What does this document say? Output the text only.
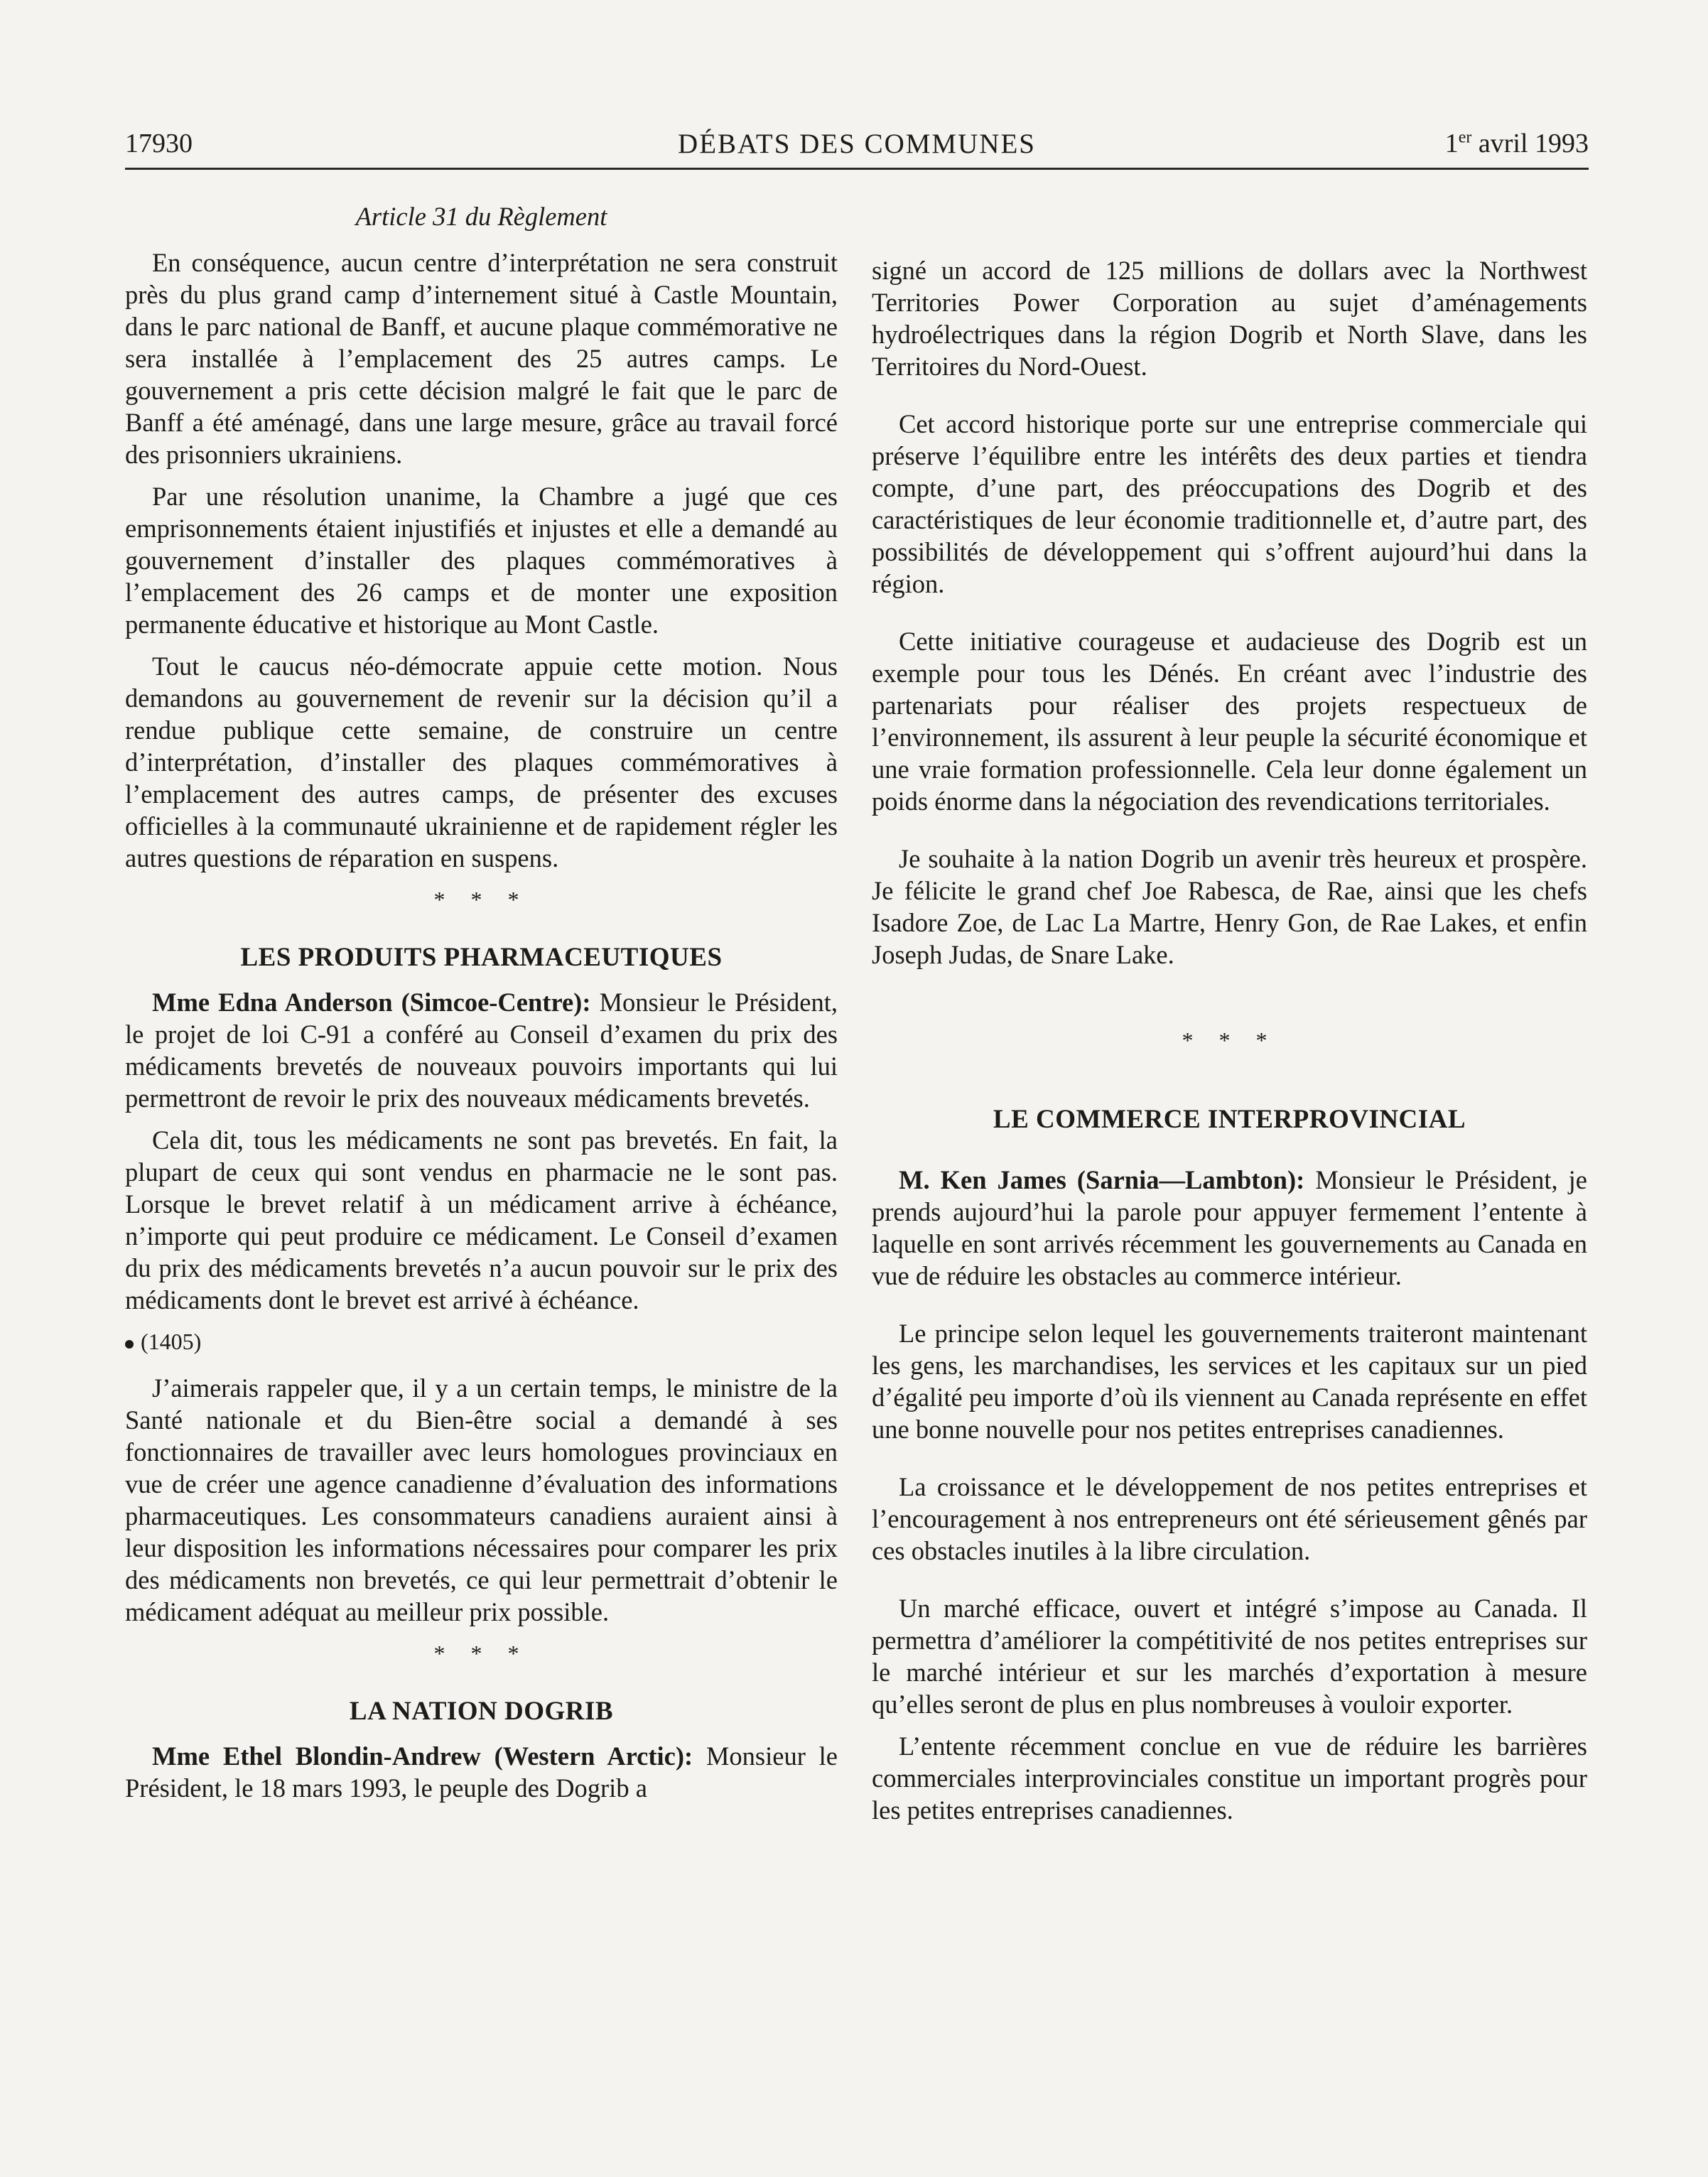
17930	DÉBATS DES COMMUNES	1er avril 1993

Article 31 du Règlement

En conséquence, aucun centre d’interprétation ne sera construit près du plus grand camp d’internement situé à Castle Mountain, dans le parc national de Banff, et aucune plaque commémorative ne sera installée à l’emplacement des 25 autres camps. Le gouvernement a pris cette décision malgré le fait que le parc de Banff a été aménagé, dans une large mesure, grâce au travail forcé des prisonniers ukrainiens.

Par une résolution unanime, la Chambre a jugé que ces emprisonnements étaient injustifiés et injustes et elle a demandé au gouvernement d’installer des plaques commémoratives à l’emplacement des 26 camps et de monter une exposition permanente éducative et historique au Mont Castle.

Tout le caucus néo-démocrate appuie cette motion. Nous demandons au gouvernement de revenir sur la décision qu’il a rendue publique cette semaine, de construire un centre d’interprétation, d’installer des plaques commémoratives à l’emplacement des autres camps, de présenter des excuses officielles à la communauté ukrainienne et de rapidement régler les autres questions de réparation en suspens.

* * *

LES PRODUITS PHARMACEUTIQUES

Mme Edna Anderson (Simcoe-Centre): Monsieur le Président, le projet de loi C-91 a conféré au Conseil d’examen du prix des médicaments brevetés de nouveaux pouvoirs importants qui lui permettront de revoir le prix des nouveaux médicaments brevetés.

Cela dit, tous les médicaments ne sont pas brevetés. En fait, la plupart de ceux qui sont vendus en pharmacie ne le sont pas. Lorsque le brevet relatif à un médicament arrive à échéance, n’importe qui peut produire ce médicament. Le Conseil d’examen du prix des médicaments brevetés n’a aucun pouvoir sur le prix des médicaments dont le brevet est arrivé à échéance.

(1405)

J’aimerais rappeler que, il y a un certain temps, le ministre de la Santé nationale et du Bien-être social a demandé à ses fonctionnaires de travailler avec leurs homologues provinciaux en vue de créer une agence canadienne d’évaluation des informations pharmaceutiques. Les consommateurs canadiens auraient ainsi à leur disposition les informations nécessaires pour comparer les prix des médicaments non brevetés, ce qui leur permettrait d’obtenir le médicament adéquat au meilleur prix possible.

* * *

LA NATION DOGRIB

Mme Ethel Blondin-Andrew (Western Arctic): Monsieur le Président, le 18 mars 1993, le peuple des Dogrib a

signé un accord de 125 millions de dollars avec la Northwest Territories Power Corporation au sujet d’aménagements hydroélectriques dans la région Dogrib et North Slave, dans les Territoires du Nord-Ouest.

Cet accord historique porte sur une entreprise commerciale qui préserve l’équilibre entre les intérêts des deux parties et tiendra compte, d’une part, des préoccupations des Dogrib et des caractéristiques de leur économie traditionnelle et, d’autre part, des possibilités de développement qui s’offrent aujourd’hui dans la région.

Cette initiative courageuse et audacieuse des Dogrib est un exemple pour tous les Dénés. En créant avec l’industrie des partenariats pour réaliser des projets respectueux de l’environnement, ils assurent à leur peuple la sécurité économique et une vraie formation professionnelle. Cela leur donne également un poids énorme dans la négociation des revendications territoriales.

Je souhaite à la nation Dogrib un avenir très heureux et prospère. Je félicite le grand chef Joe Rabesca, de Rae, ainsi que les chefs Isadore Zoe, de Lac La Martre, Henry Gon, de Rae Lakes, et enfin Joseph Judas, de Snare Lake.

* * *

LE COMMERCE INTERPROVINCIAL

M. Ken James (Sarnia—Lambton): Monsieur le Président, je prends aujourd’hui la parole pour appuyer fermement l’entente à laquelle en sont arrivés récemment les gouvernements au Canada en vue de réduire les obstacles au commerce intérieur.

Le principe selon lequel les gouvernements traiteront maintenant les gens, les marchandises, les services et les capitaux sur un pied d’égalité peu importe d’où ils viennent au Canada représente en effet une bonne nouvelle pour nos petites entreprises canadiennes.

La croissance et le développement de nos petites entreprises et l’encouragement à nos entrepreneurs ont été sérieusement gênés par ces obstacles inutiles à la libre circulation.

Un marché efficace, ouvert et intégré s’impose au Canada. Il permettra d’améliorer la compétitivité de nos petites entreprises sur le marché intérieur et sur les marchés d’exportation à mesure qu’elles seront de plus en plus nombreuses à vouloir exporter.

L’entente récemment conclue en vue de réduire les barrières commerciales interprovinciales constitue un important progrès pour les petites entreprises canadiennes.
